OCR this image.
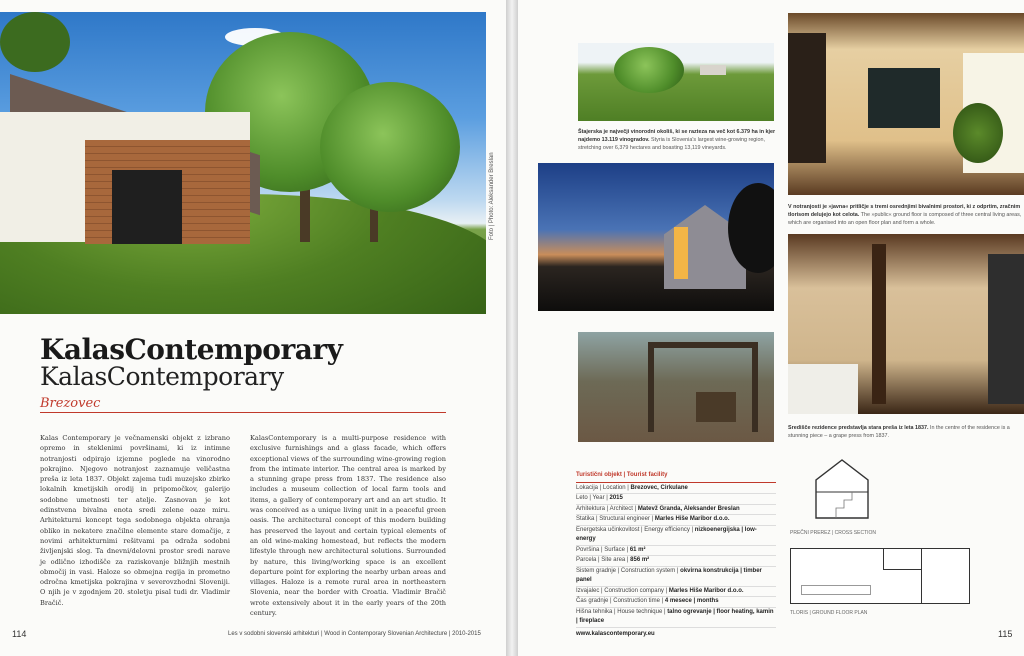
Foto | Photo: Aleksander Breslan
KalasContemporary
KalasContemporary
Brezovec
Kalas Contemporary je večnamenski objekt z izbrano opremo in steklenimi površinami, ki iz intimne notranjosti odpirajo izjemne poglede na vinorodno pokrajino. Njegovo notranjost zaznamuje veličastna preša iz leta 1837. Objekt zajema tudi muzejsko zbirko lokalnih kmetijskih orodij in pripomočkov, galerijo sodobne umetnosti ter atelje. Zasnovan je kot edinstvena bivalna enota sredi zelene oaze miru. Arhitekturni koncept tega sodobnega objekta ohranja obliko in nekatere značilne elemente stare domačije, z novimi arhitekturnimi rešitvami pa odraža sodobni življenjski slog. Ta dnevni/delovni prostor sredi narave je odlično izhodišče za raziskovanje bližnjih mestnih območij in vasi. Haloze so obmejna regija in prometno odročna kmetijska pokrajina v severovzhodni Sloveniji. O njih je v zgodnjem 20. stoletju pisal tudi dr. Vladimir Bračič.
KalasContemporary is a multi-purpose residence with exclusive furnishings and a glass facade, which offers exceptional views of the surrounding wine-growing region from the intimate interior. The central area is marked by a stunning grape press from 1837. The residence also includes a museum collection of local farm tools and items, a gallery of contemporary art and an art studio. It was conceived as a unique living unit in a peaceful green oasis. The architectural concept of this modern building has preserved the layout and certain typical elements of an old wine-making homestead, but reflects the modern lifestyle through new architectural solutions. Surrounded by nature, this living/working space is an excellent departure point for exploring the nearby urban areas and villages. Haloze is a remote rural area in northeastern Slovenia, near the border with Croatia. Vladimir Bračič wrote extensively about it in the early years of the 20th century.
114	Les v sodobni slovenski arhitekturi | Wood in Contemporary Slovenian Architecture | 2010-2015
Štajerska je največji vinorodni okoliš, ki se razteza na več kot 6.379 ha in kjer najdemo 13.119 vinogradov. Styria is Slovenia's largest wine-growing region, stretching over 6,379 hectares and boasting 13,119 vineyards.
V notranjosti je »javna« pritličje s tremi osrednjimi bivalnimi prostori, ki z odprtim, zračnim tlorisom delujejo kot celota. The »public« ground floor is composed of three central living areas, which are organised into an open floor plan and form a whole.
Središče rezidence predstavlja stara preša iz leta 1837. In the centre of the residence is a stunning piece – a grape press from 1837.
Turistični objekt | Tourist facility
Lokacija | Location | Brezovec, Cirkulane
Leto | Year | 2015
Arhitektura | Architect | Matevž Granda, Aleksander Breslan
Statika | Structural engineer | Marles Hiše Maribor d.o.o.
Energetska učinkovitost | Energy efficiency | nizkoenergijska | low-energy
Površina | Surface | 61 m²
Parcela | Site area | 856 m²
Sistem gradnje | Construction system | okvirna konstrukcija | timber panel
Izvajalec | Construction company | Marles Hiše Maribor d.o.o.
Čas gradnje | Construction time | 4 mesece | months
Hišna tehnika | House technique | talno ogrevanje | floor heating, kamin | fireplace
www.kalascontemporary.eu
PREČNI PREREZ | CROSS SECTION
TLORIS | GROUND FLOOR PLAN
115
